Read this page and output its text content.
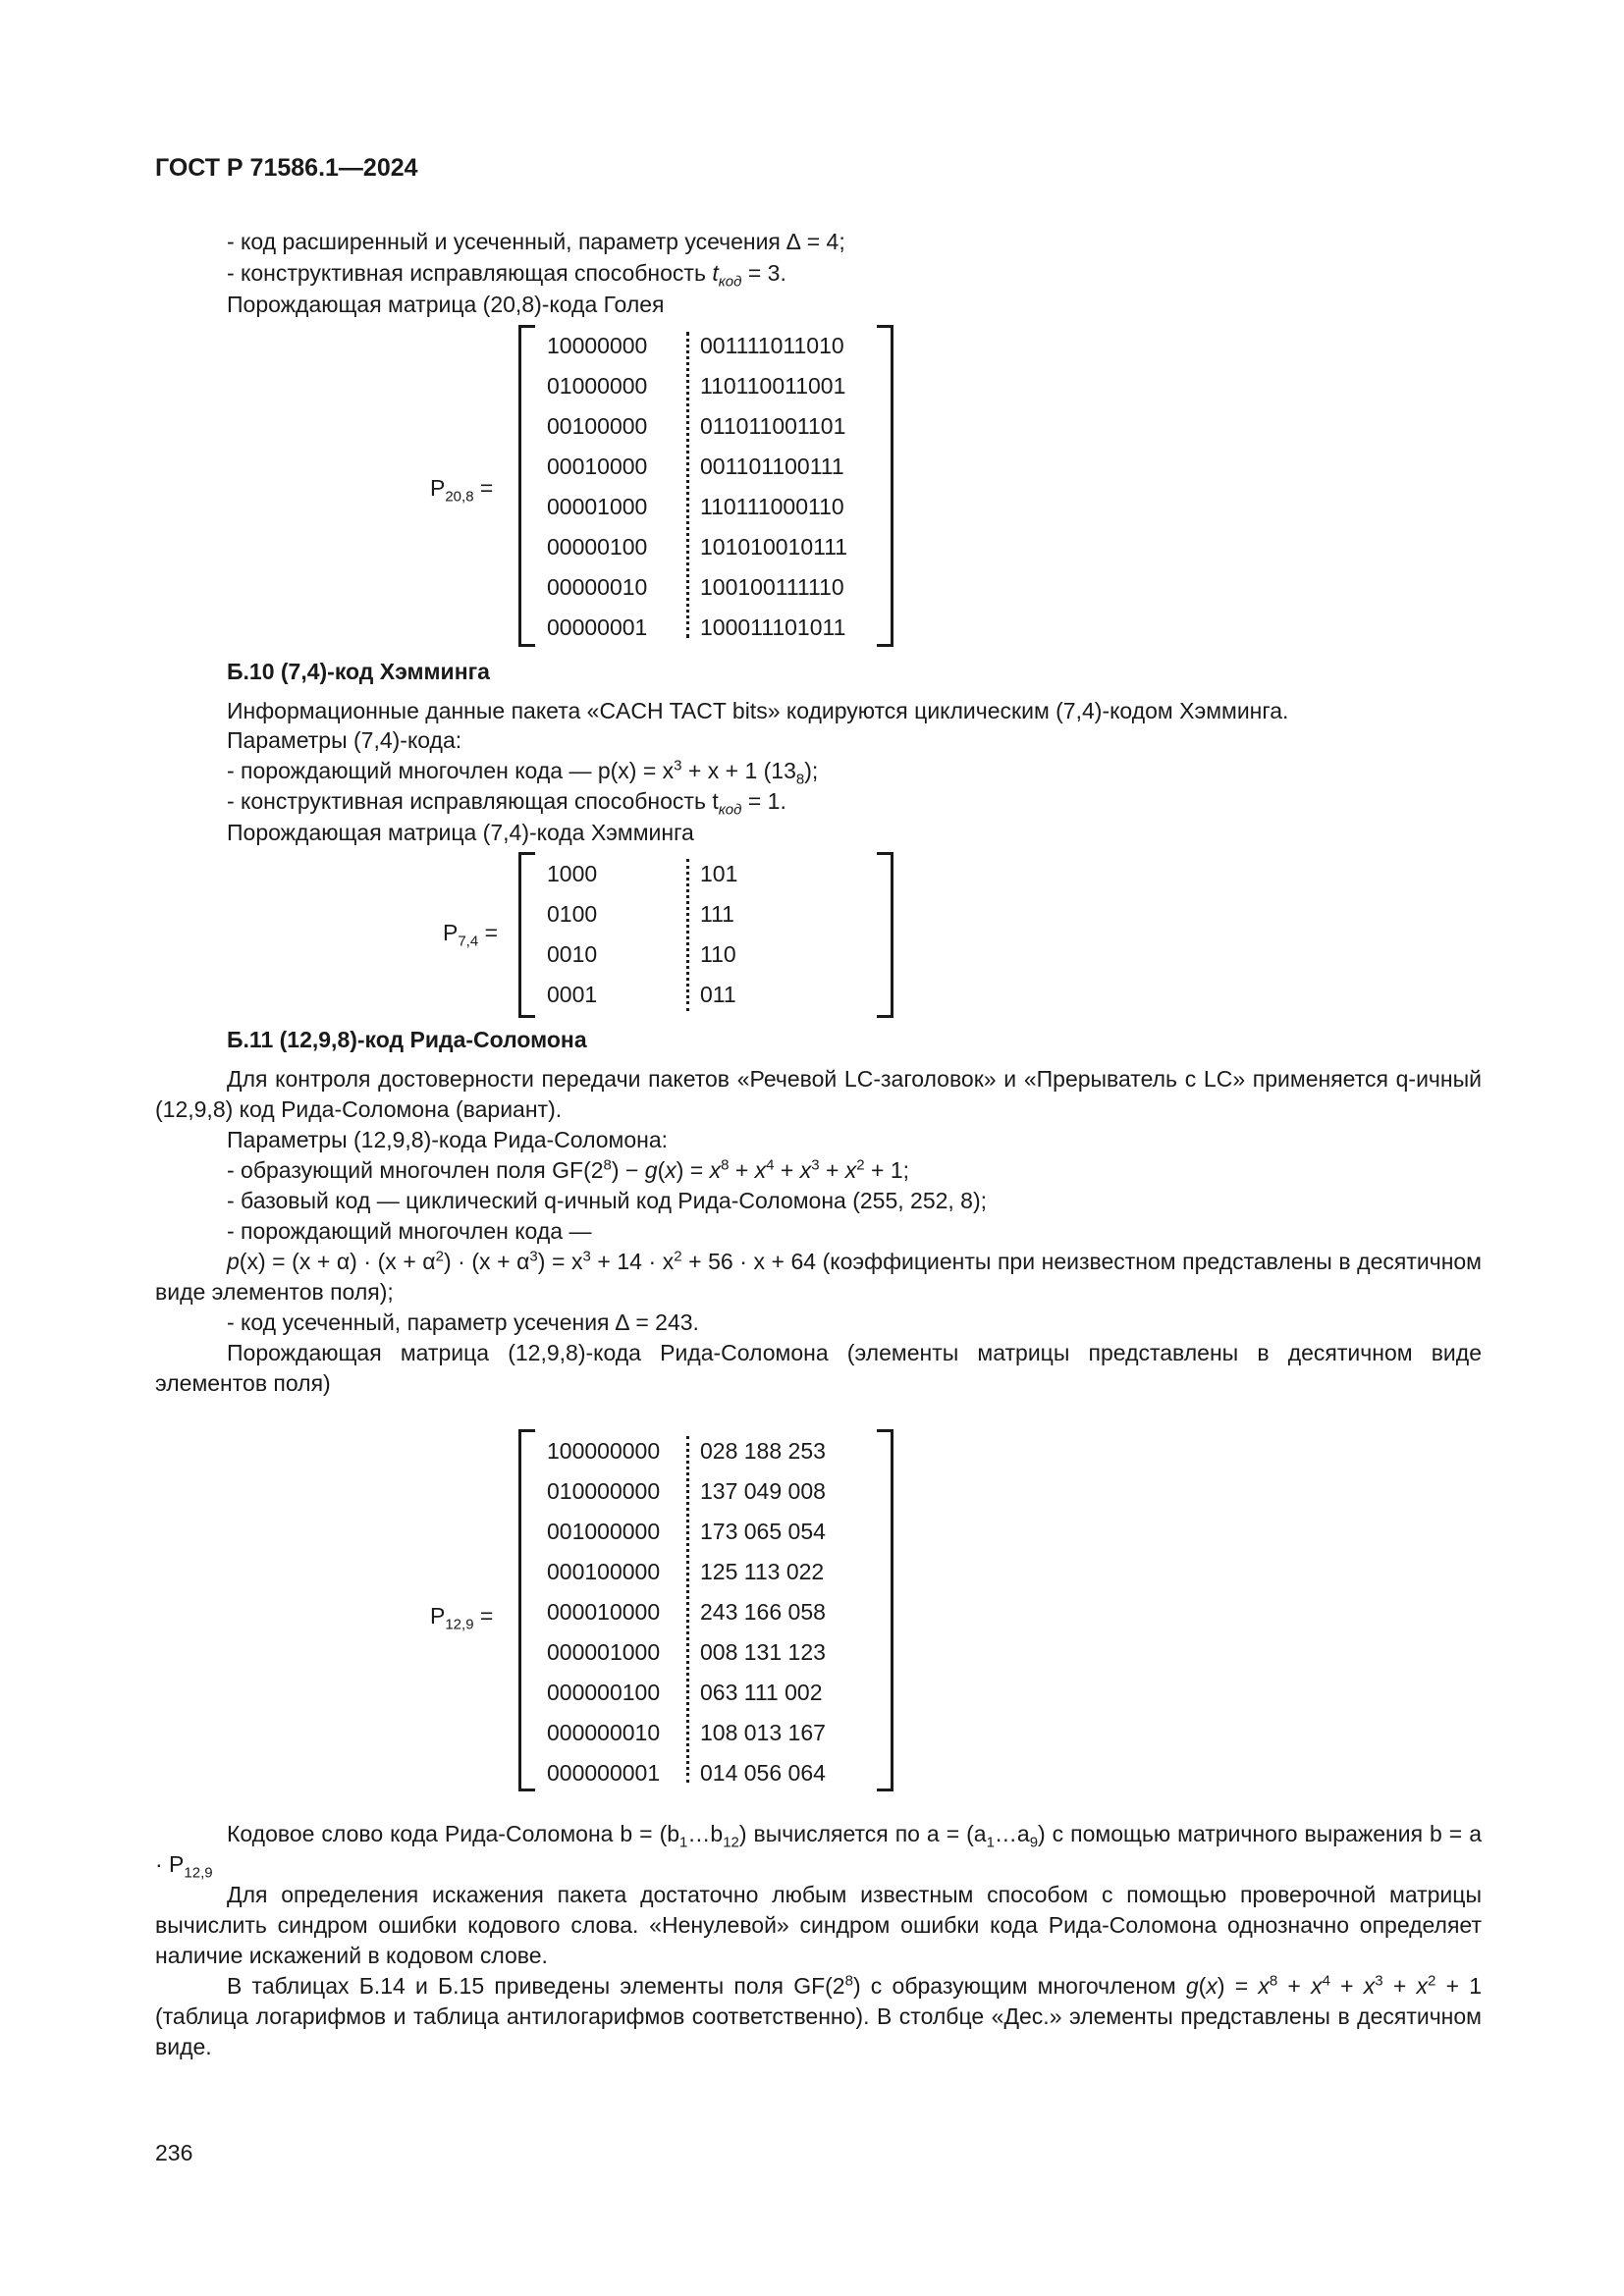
ГОСТ Р 71586.1—2024
- код расширенный и усеченный, параметр усечения ∆ = 4;
- конструктивная исправляющая способность $t_{код} = 3$.
Порождающая матрица (20,8)-кода Голея
$P_{20,8}$ =
10000000 001111011010
01000000 110110011001
00100000 011011001101
00010000 001101100111
00001000 110111000110
00000100 101010010111
00000010 100100111110
00000001 100011101011
Б.10 (7,4)-код Хэмминга
Информационные данные пакета «CACH TACT bits» кодируются циклическим (7,4)-кодом Хэмминга.
Параметры (7,4)-кода:
- порождающий многочлен кода — $p(x) = x^3 + x + 1$ $(13_8)$;
- конструктивная исправляющая способность $t_{код} = 1$.
Порождающая матрица (7,4)-кода Хэмминга
$P_{7,4}$ =
1000	101
0100	111
0010	110
0001	011
Б.11 (12,9,8)-код Рида-Соломона

Для контроля достоверности передачи пакетов «Речевой LC-заголовок» и «Прерыватель с LC» применяется q-ичный (12,9,8) код Рида-Соломона (вариант).

Параметры (12,9,8)-кода Рида-Соломона:

- образующий многочлен поля $GF(2^8) - g(x) = x^8 + x^4 + x^3 + x^2 + 1$;

- базовый код — циклический q-ичный код Рида-Соломона (255, 252, 8);

- порождающий многочлен кода —

$p(x) = (x + \alpha) \cdot (x + \alpha^2) \cdot (x + \alpha^3) = x^3 + 14 \cdot x^2 + 56 \cdot x + 64$ (коэффициенты при неизвестном представлены в десятичном виде элементов поля);

- код усеченный, параметр усечения ∆ = 243.

Порождающая матрица (12,9,8)-кода Рида-Соломона (элементы матрицы представлены в десятичном виде элементов поля)

$P_{12,9}$ =
100000000 028 188 253
010000000 137 049 008
001000000 173 065 054
000100000 125 113 022
000010000 243 166 058
000001000 008 131 123
000000100 063 111 002
000000010 108 013 167
000000001 014 056 064

Кодовое слово кода Рида-Соломона $b = (b_1\dots b_{12})$ вычисляется по $a = (a_1\dots a_9)$ с помощью матричного выражения $b = a \cdot P_{12,9}$

Для определения искажения пакета достаточно любым известным способом с помощью проверочной матрицы вычислить синдром ошибки кодового слова. «Ненулевой» синдром ошибки кода Рида-Соломона однозначно определяет наличие искажений в кодовом слове.

В таблицах Б.14 и Б.15 приведены элементы поля $GF(2^8)$ с образующим многочленом $g(x) = x^8 + x^4 + x^3 + x^2 + 1$ (таблица логарифмов и таблица антилогарифмов соответственно). В столбце «Дес.» элементы представлены в десятичном виде.

236
